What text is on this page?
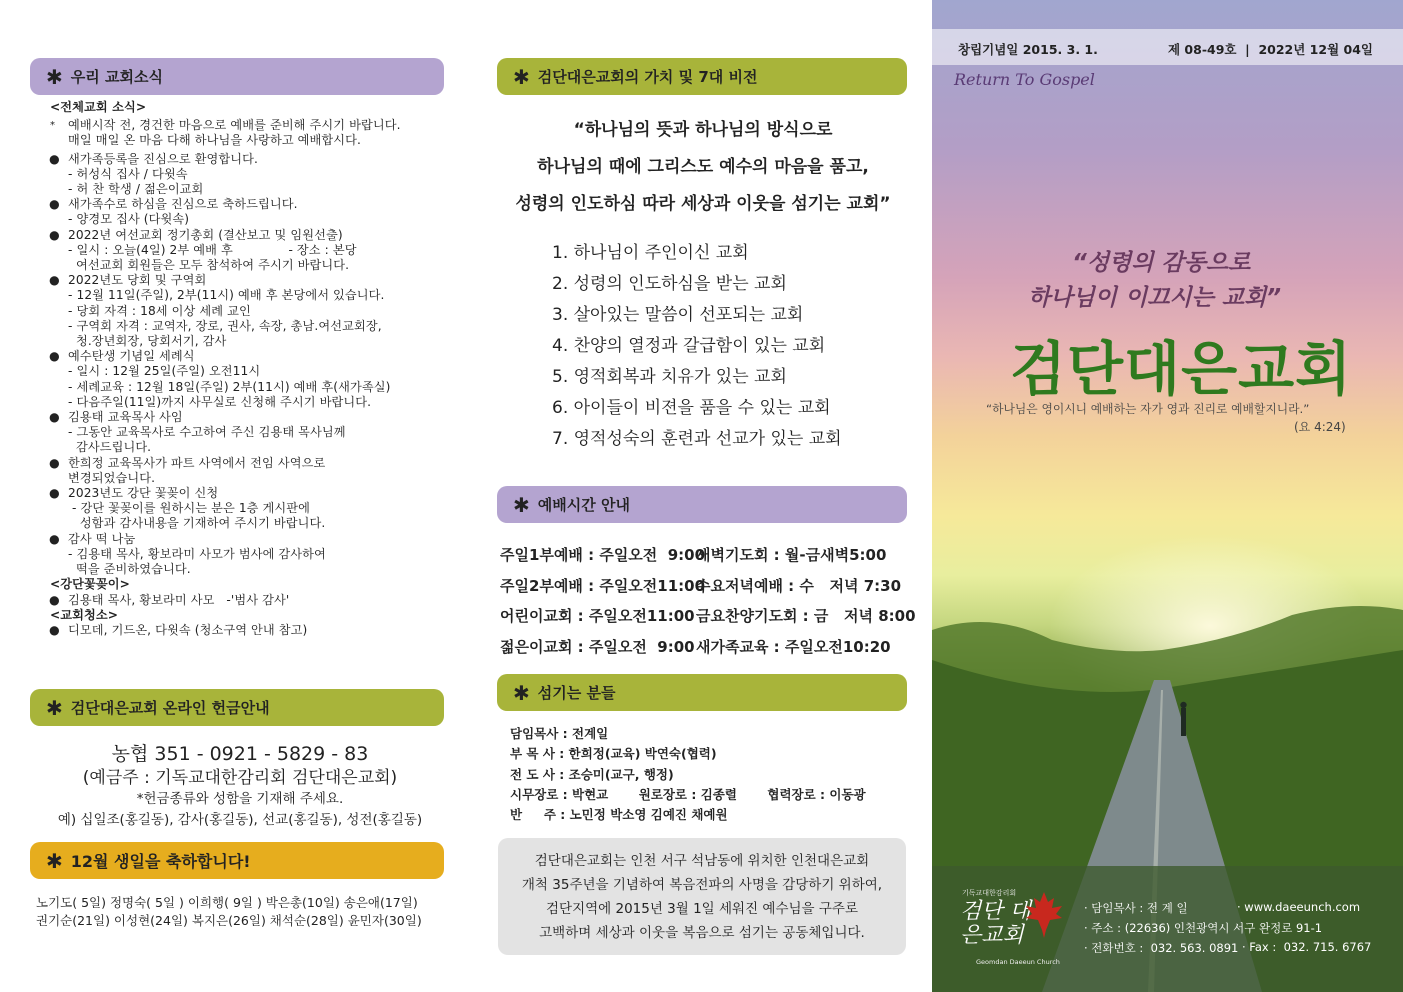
✱ 우리 교회소식
<전체교회 소식>
* 예배시작 전, 경건한 마음으로 예배를 준비해 주시기 바랍니다.
매일 매일 온 마음 다해 하나님을 사랑하고 예배합시다.
● 새가족등록을 진심으로 환영합니다.
- 허성식 집사 / 다윗속
- 허 찬 학생 / 젊은이교회
● 새가족수로 하심을 진심으로 축하드립니다.
- 양경모 집사 (다윗속)
● 2022년 여선교회 정기총회 (결산보고 및 임원선출)
- 일시 : 오늘(4일) 2부 예배 후              - 장소 : 본당
여선교회 회원들은 모두 참석하여 주시기 바랍니다.
● 2022년도 당회 및 구역회
- 12월 11일(주일), 2부(11시) 예배 후 본당에서 있습니다.
- 당회 자격 : 18세 이상 세례 교인
- 구역회 자격 : 교역자, 장로, 권사, 속장, 총남.여선교회장,
청.장년회장, 당회서기, 감사
● 예수탄생 기념일 세례식
- 일시 : 12월 25일(주일) 오전11시
- 세례교육 : 12월 18일(주일) 2부(11시) 예배 후(새가족실)
- 다음주일(11일)까지 사무실로 신청해 주시기 바랍니다.
● 김용태 교육목사 사임
- 그동안 교육목사로 수고하여 주신 김용태 목사님께
감사드립니다.
● 한희정 교육목사가 파트 사역에서 전임 사역으로
변경되었습니다.
● 2023년도 강단 꽃꽂이 신청
- 강단 꽃꽂이를 원하시는 분은 1층 게시판에
성함과 감사내용을 기재하여 주시기 바랍니다.
● 감사 떡 나눔
- 김용태 목사, 황보라미 사모가 범사에 감사하여
떡을 준비하였습니다.
<강단꽃꽂이>
● 김용태 목사, 황보라미 사모   -'범사 감사'
<교회청소>
● 디모데, 기드온, 다윗속 (청소구역 안내 참고)
✱ 검단대은교회 온라인 헌금안내
농협 351 - 0921 - 5829 - 83
(예금주 : 기독교대한감리회 검단대은교회)
*헌금종류와 성함을 기재해 주세요.
예) 십일조(홍길동), 감사(홍길동), 선교(홍길동), 성전(홍길동)
✱ 12월 생일을 축하합니다!
노기도( 5일) 정명숙( 5일 ) 이희행( 9일 ) 박은총(10일) 송은애(17일)
권기순(21일) 이성현(24일) 복지은(26일) 채석순(28일) 윤민자(30일)
✱ 검단대은교회의 가치 및 7대 비전
“하나님의 뜻과 하나님의 방식으로
하나님의 때에 그리스도 예수의 마음을 품고,
성령의 인도하심 따라 세상과 이웃을 섬기는 교회”
1. 하나님이 주인이신 교회
2. 성령의 인도하심을 받는 교회
3. 살아있는 말씀이 선포되는 교회
4. 찬양의 열정과 갈급함이 있는 교회
5. 영적회복과 치유가 있는 교회
6. 아이들이 비젼을 품을 수 있는 교회
7. 영적성숙의 훈련과 선교가 있는 교회
✱ 예배시간 안내
주일1부예배 : 주일오전  9:00
새벽기도회 : 월-금새벽5:00
주일2부예배 : 주일오전11:00
수요저녁예배 : 수   저녁 7:30
어린이교회 : 주일오전11:00 금요찬양기도회 : 금   저녁 8:00
젊은이교회 : 주일오전  9:00 새가족교육 : 주일오전10:20
✱ 섬기는 분들
담임목사 : 전계일
부 목 사 : 한희정(교육) 박연숙(협력)
전 도 사 : 조승미(교구, 행정)
시무장로 : 박현교       원로장로 : 김종렬       협력장로 : 이동광
반     주 : 노민정 박소영 김예진 채예원
검단대은교회는 인천 서구 석남동에 위치한 인천대은교회
개척 35주년을 기념하여 복음전파의 사명을 감당하기 위하여,
검단지역에 2015년 3월 1일 세워진 예수님을 구주로
고백하며 세상과 이웃을 복음으로 섬기는 공동체입니다.
창립기념일 2015. 3. 1.	제 08-49호  |  2022년 12월 04일
Return To Gospel
“성령의 감동으로
하나님이 이끄시는 교회”
검단대은교회
“하나님은 영이시니 예배하는 자가 영과 진리로 예배할지니라.”
(요 4:24)
기독교대한감리회
검단 대은교회
Geomdan Daeeun Church
· 담임목사 : 전 계 일	· www.daeeunch.com
· 주소 : (22636) 인천광역시 서구 완정로 91-1
· 전화번호 :  032. 563. 0891 · Fax :  032. 715. 6767
